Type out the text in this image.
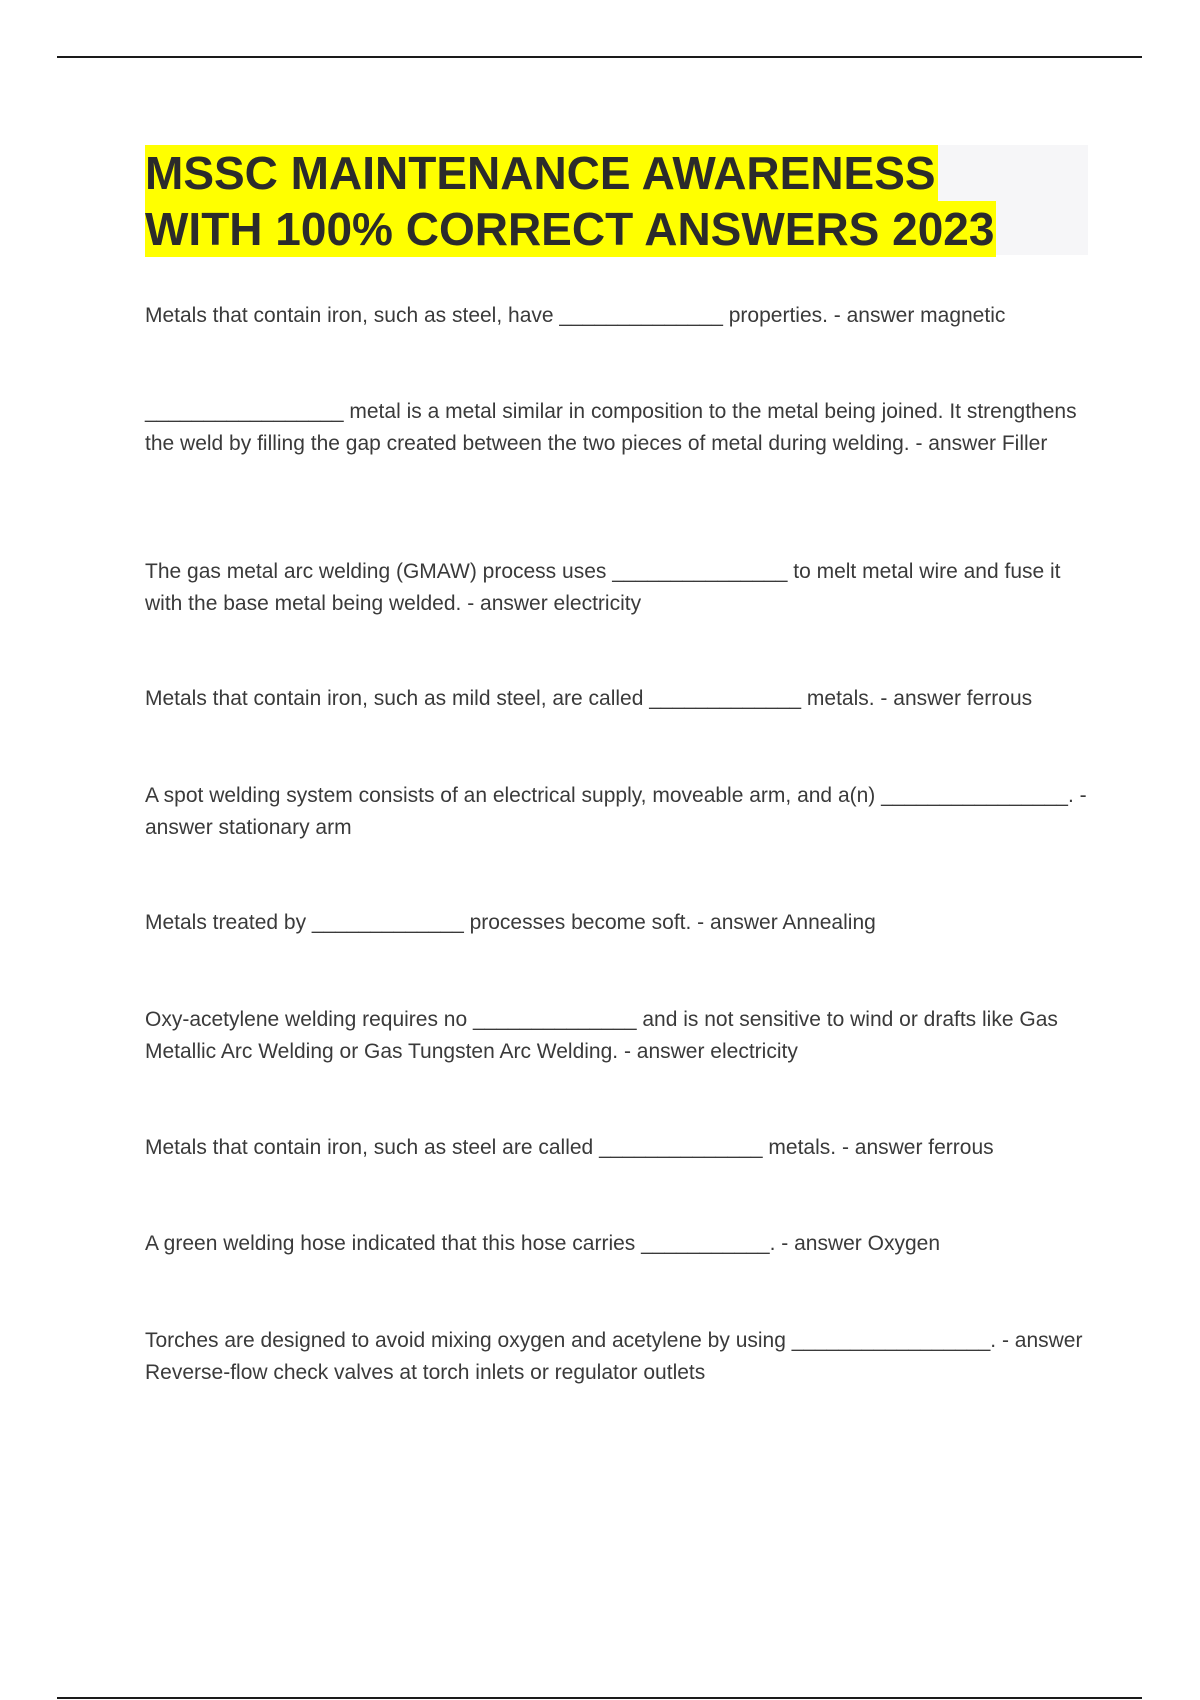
MSSC MAINTENANCE AWARENESS
WITH 100% CORRECT ANSWERS 2023
Metals that contain iron, such as steel, have ______________ properties. - answer magnetic
_________________ metal is a metal similar in composition to the metal being joined. It strengthens the weld by filling the gap created between the two pieces of metal during welding. - answer Filler
The gas metal arc welding (GMAW) process uses _______________ to melt metal wire and fuse it with the base metal being welded. - answer electricity
Metals that contain iron, such as mild steel, are called _____________ metals. - answer ferrous
A spot welding system consists of an electrical supply, moveable arm, and a(n) ________________. - answer stationary arm
Metals treated by _____________ processes become soft. - answer Annealing
Oxy-acetylene welding requires no ______________ and is not sensitive to wind or drafts like Gas Metallic Arc Welding or Gas Tungsten Arc Welding. - answer electricity
Metals that contain iron, such as steel are called ______________ metals. - answer ferrous
A green welding hose indicated that this hose carries ___________. - answer Oxygen
Torches are designed to avoid mixing oxygen and acetylene by using _________________. - answer Reverse-flow check valves at torch inlets or regulator outlets
